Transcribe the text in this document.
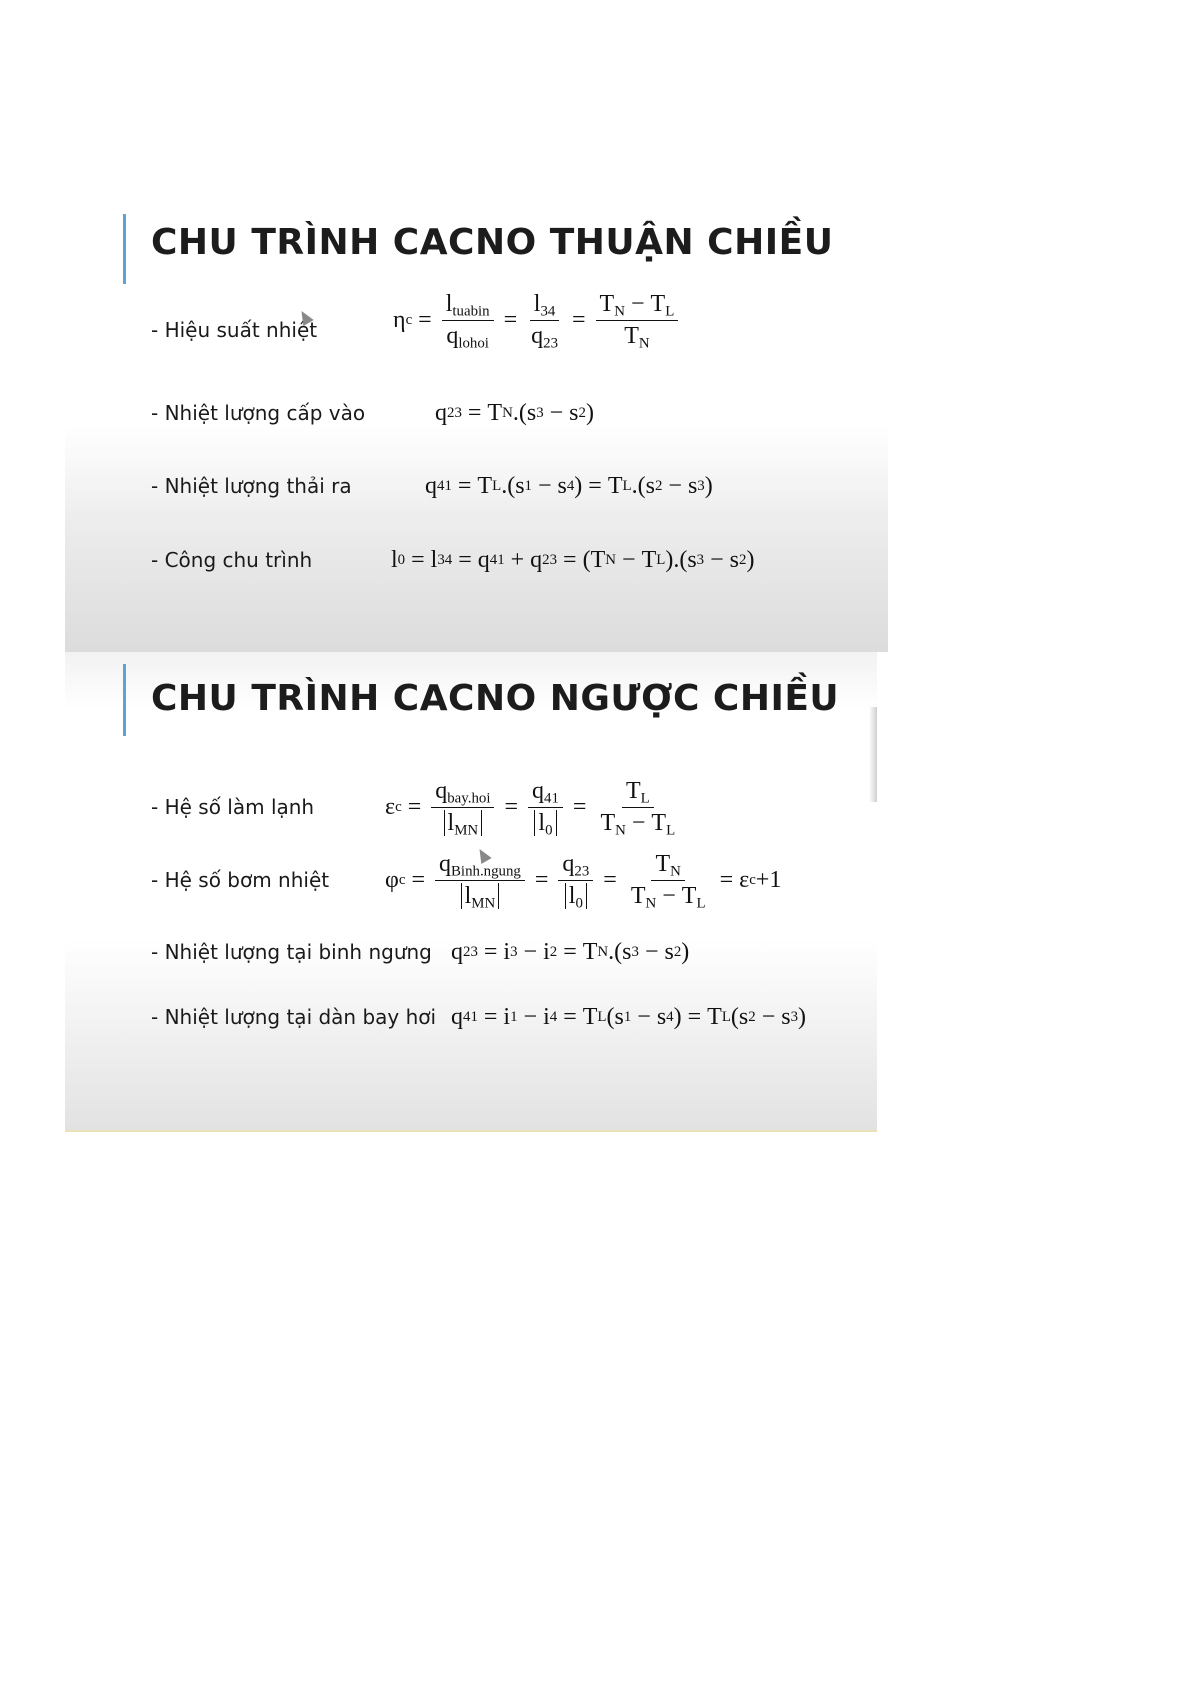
CHU TRÌNH CACNO THUẬN CHIỀU
- Hiệu suất nhiệt	η $c = \frac{l_{tuabin}}{q_{lohoi}} = \frac{l_{34}}{q_{23}} = \frac{T_N - T_L}{T_N}$
- Nhiệt lượng cấp vào	q 23 = T N . ( s 3 − s 2 )
- Nhiệt lượng thải ra	q 41 = T L . ( s 1 − s 4 ) = T L . ( s 2 − s 3 )
- Công chu trình	l 0 = l 34 = q 41 + q 23 = ( T N − T L ) . ( s 3 − s 2 )
CHU TRÌNH CACNO NGƯỢC CHIỀU
- Hệ số làm lạnh	ε $c = \frac{q_{bay.hoi}}{l_{MN}} = \frac{q_{41}}{l_0} = \frac{T_L}{T_N - T_L}$
- Hệ số bơm nhiệt φ $c = \frac{q_{Binh.ngung}}{l_{MN}} = \frac{q_{23}}{l_0} = \frac{T_N}{T_N - T_L} = \varepsilon$ c +1
- Nhiệt lượng tại binh ngưng q 23 = i 3 − i 2 = T N . ( s 3 − s 2 )
- Nhiệt lượng tại dàn bay hơi q 41 = i 1 − i 4 = T L ( s 1 − s 4 ) = T L ( s 2 − s 3 )
